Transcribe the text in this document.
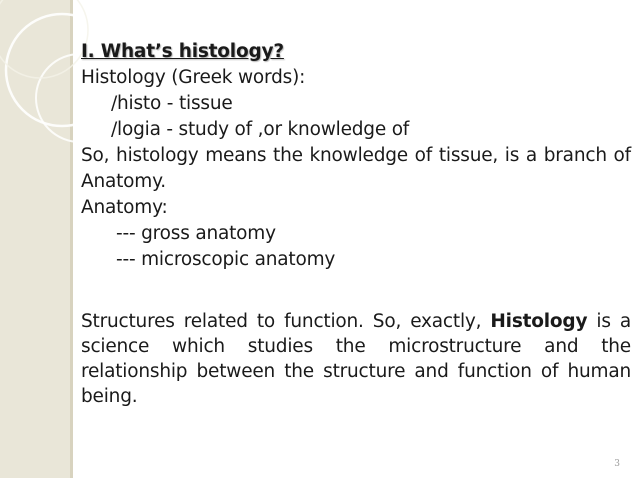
I. What’s histology?
Histology (Greek words):
/histo - tissue
/logia - study of ,or knowledge of
So, histology means the knowledge of tissue, is a branch of Anatomy.
Anatomy:
--- gross anatomy
--- microscopic anatomy
Structures related to function. So, exactly, Histology is a science which studies the microstructure and the relationship between the structure and function of human being.
3
